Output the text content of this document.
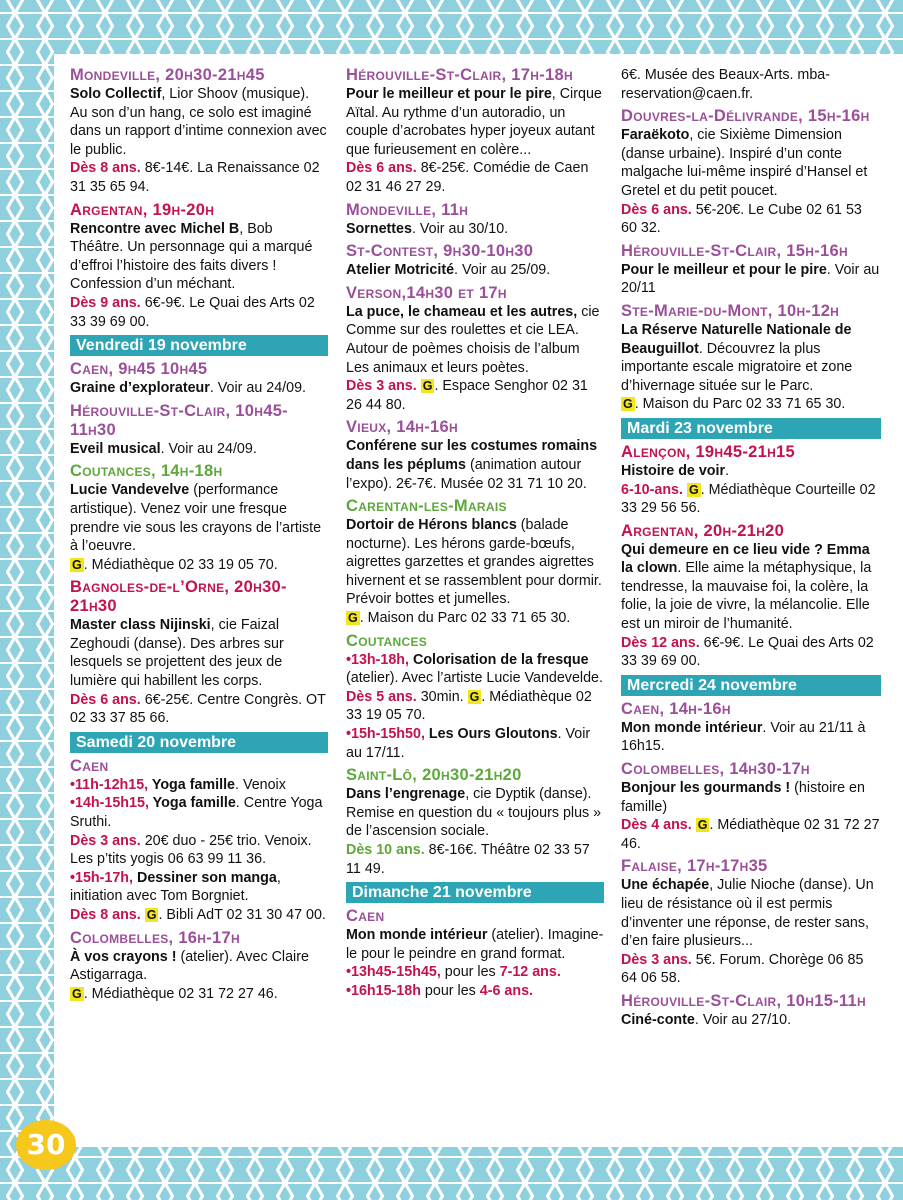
Mondeville, 20h30-21h45
Solo Collectif, Lior Shoov (musique). Au son d’un hang, ce solo est imaginé dans un rapport d’intime connexion avec le public.
Dès 8 ans. 8€-14€. La Renaissance 02 31 35 65 94.
Argentan, 19h-20h
Rencontre avec Michel B, Bob Théâtre. Un personnage qui a marqué d’effroi l’histoire des faits divers ! Confession d’un méchant.
Dès 9 ans. 6€-9€. Le Quai des Arts 02 33 39 69 00.
Vendredi 19 novembre
Caen, 9h45 10h45
Graine d’explorateur. Voir au 24/09.
Hérouville-St-Clair, 10h45-11h30
Eveil musical. Voir au 24/09.
Coutances, 14h-18h
Lucie Vandevelve (performance artistique). Venez voir une fresque prendre vie sous les crayons de l’artiste à l’oeuvre.
G . Médiathèque 02 33 19 05 70.
Bagnoles-de-l’Orne, 20h30-21h30
Master class Nijinski, cie Faizal Zeghoudi (danse). Des arbres sur lesquels se projettent des jeux de lumière qui habillent les corps.
Dès 6 ans. 6€-25€. Centre Congrès. OT 02 33 37 85 66.
Samedi 20 novembre
Caen
•11h-12h15, Yoga famille. Venoix
•14h-15h15, Yoga famille. Centre Yoga Sruthi.
Dès 3 ans. 20€ duo - 25€ trio. Venoix. Les p’tits yogis 06 63 99 11 36.
•15h-17h, Dessiner son manga, initiation avec Tom Borgniet.
Dès 8 ans. G . Bibli AdT 02 31 30 47 00.
Colombelles, 16h-17h
À vos crayons ! (atelier). Avec Claire Astigarraga.
G . Médiathèque 02 31 72 27 46.
Hérouville-St-Clair, 17h-18h
Pour le meilleur et pour le pire, Cirque Aïtal. Au rythme d’un autoradio, un couple d’acrobates hyper joyeux autant que furieusement en colère...
Dès 6 ans. 8€-25€. Comédie de Caen 02 31 46 27 29.
Mondeville, 11h
Sornettes. Voir au 30/10.
St-Contest, 9h30-10h30
Atelier Motricité. Voir au 25/09.
Verson,14h30 et 17h
La puce, le chameau et les autres, cie Comme sur des roulettes et cie LEA. Autour de poèmes choisis de l’album Les animaux et leurs poètes.
Dès 3 ans. G . Espace Senghor 02 31 26 44 80.
Vieux, 14h-16h
Conférene sur les costumes romains dans les péplums (animation autour l’expo). 2€-7€. Musée 02 31 71 10 20.
Carentan-les-Marais
Dortoir de Hérons blancs (balade nocturne). Les hérons garde-bœufs, aigrettes garzettes et grandes aigrettes hivernent et se rassemblent pour dormir. Prévoir bottes et jumelles.
G . Maison du Parc 02 33 71 65 30.
Coutances
•13h-18h, Colorisation de la fresque (atelier). Avec l’artiste Lucie Vandevelde. Dès 5 ans. 30min. G . Médiathèque 02 33 19 05 70.
•15h-15h50, Les Ours Gloutons. Voir au 17/11.
Saint-Lô, 20h30-21h20
Dans l’engrenage, cie Dyptik (danse). Remise en question du « toujours plus » de l’ascension sociale.
Dès 10 ans. 8€-16€. Théâtre 02 33 57 11 49.
Dimanche 21 novembre
Caen
Mon monde intérieur (atelier). Imagine-le pour le peindre en grand format.
•13h45-15h45, pour les 7-12 ans.
•16h15-18h pour les 4-6 ans.
6€. Musée des Beaux-Arts. mba-reservation@caen.fr.
Douvres-la-Délivrande, 15h-16h
Faraëkoto, cie Sixième Dimension (danse urbaine). Inspiré d’un conte malgache lui-même inspiré d’Hansel et Gretel et du petit poucet.
Dès 6 ans. 5€-20€. Le Cube 02 61 53 60 32.
Hérouville-St-Clair, 15h-16h
Pour le meilleur et pour le pire. Voir au 20/11
Ste-Marie-du-Mont, 10h-12h
La Réserve Naturelle Nationale de Beauguillot. Découvrez la plus importante escale migratoire et zone d’hivernage située sur le Parc.
G . Maison du Parc 02 33 71 65 30.
Mardi 23 novembre
Alençon, 19h45-21h15
Histoire de voir.
6-10-ans. G . Médiathèque Courteille 02 33 29 56 56.
Argentan, 20h-21h20
Qui demeure en ce lieu vide ? Emma la clown. Elle aime la métaphysique, la tendresse, la mauvaise foi, la colère, la folie, la joie de vivre, la mélancolie. Elle est un miroir de l’humanité.
Dès 12 ans. 6€-9€. Le Quai des Arts 02 33 39 69 00.
Mercredi 24 novembre
Caen, 14h-16h
Mon monde intérieur. Voir au 21/11 à 16h15.
Colombelles, 14h30-17h
Bonjour les gourmands ! (histoire en famille)
Dès 4 ans. G . Médiathèque 02 31 72 27 46.
Falaise, 17h-17h35
Une échapée, Julie Nioche (danse). Un lieu de résistance où il est permis d’inventer une réponse, de rester sans, d’en faire plusieurs...
Dès 3 ans. 5€. Forum. Chorège 06 85 64 06 58.
Hérouville-St-Clair, 10h15-11h
Ciné-conte. Voir au 27/10.
30
